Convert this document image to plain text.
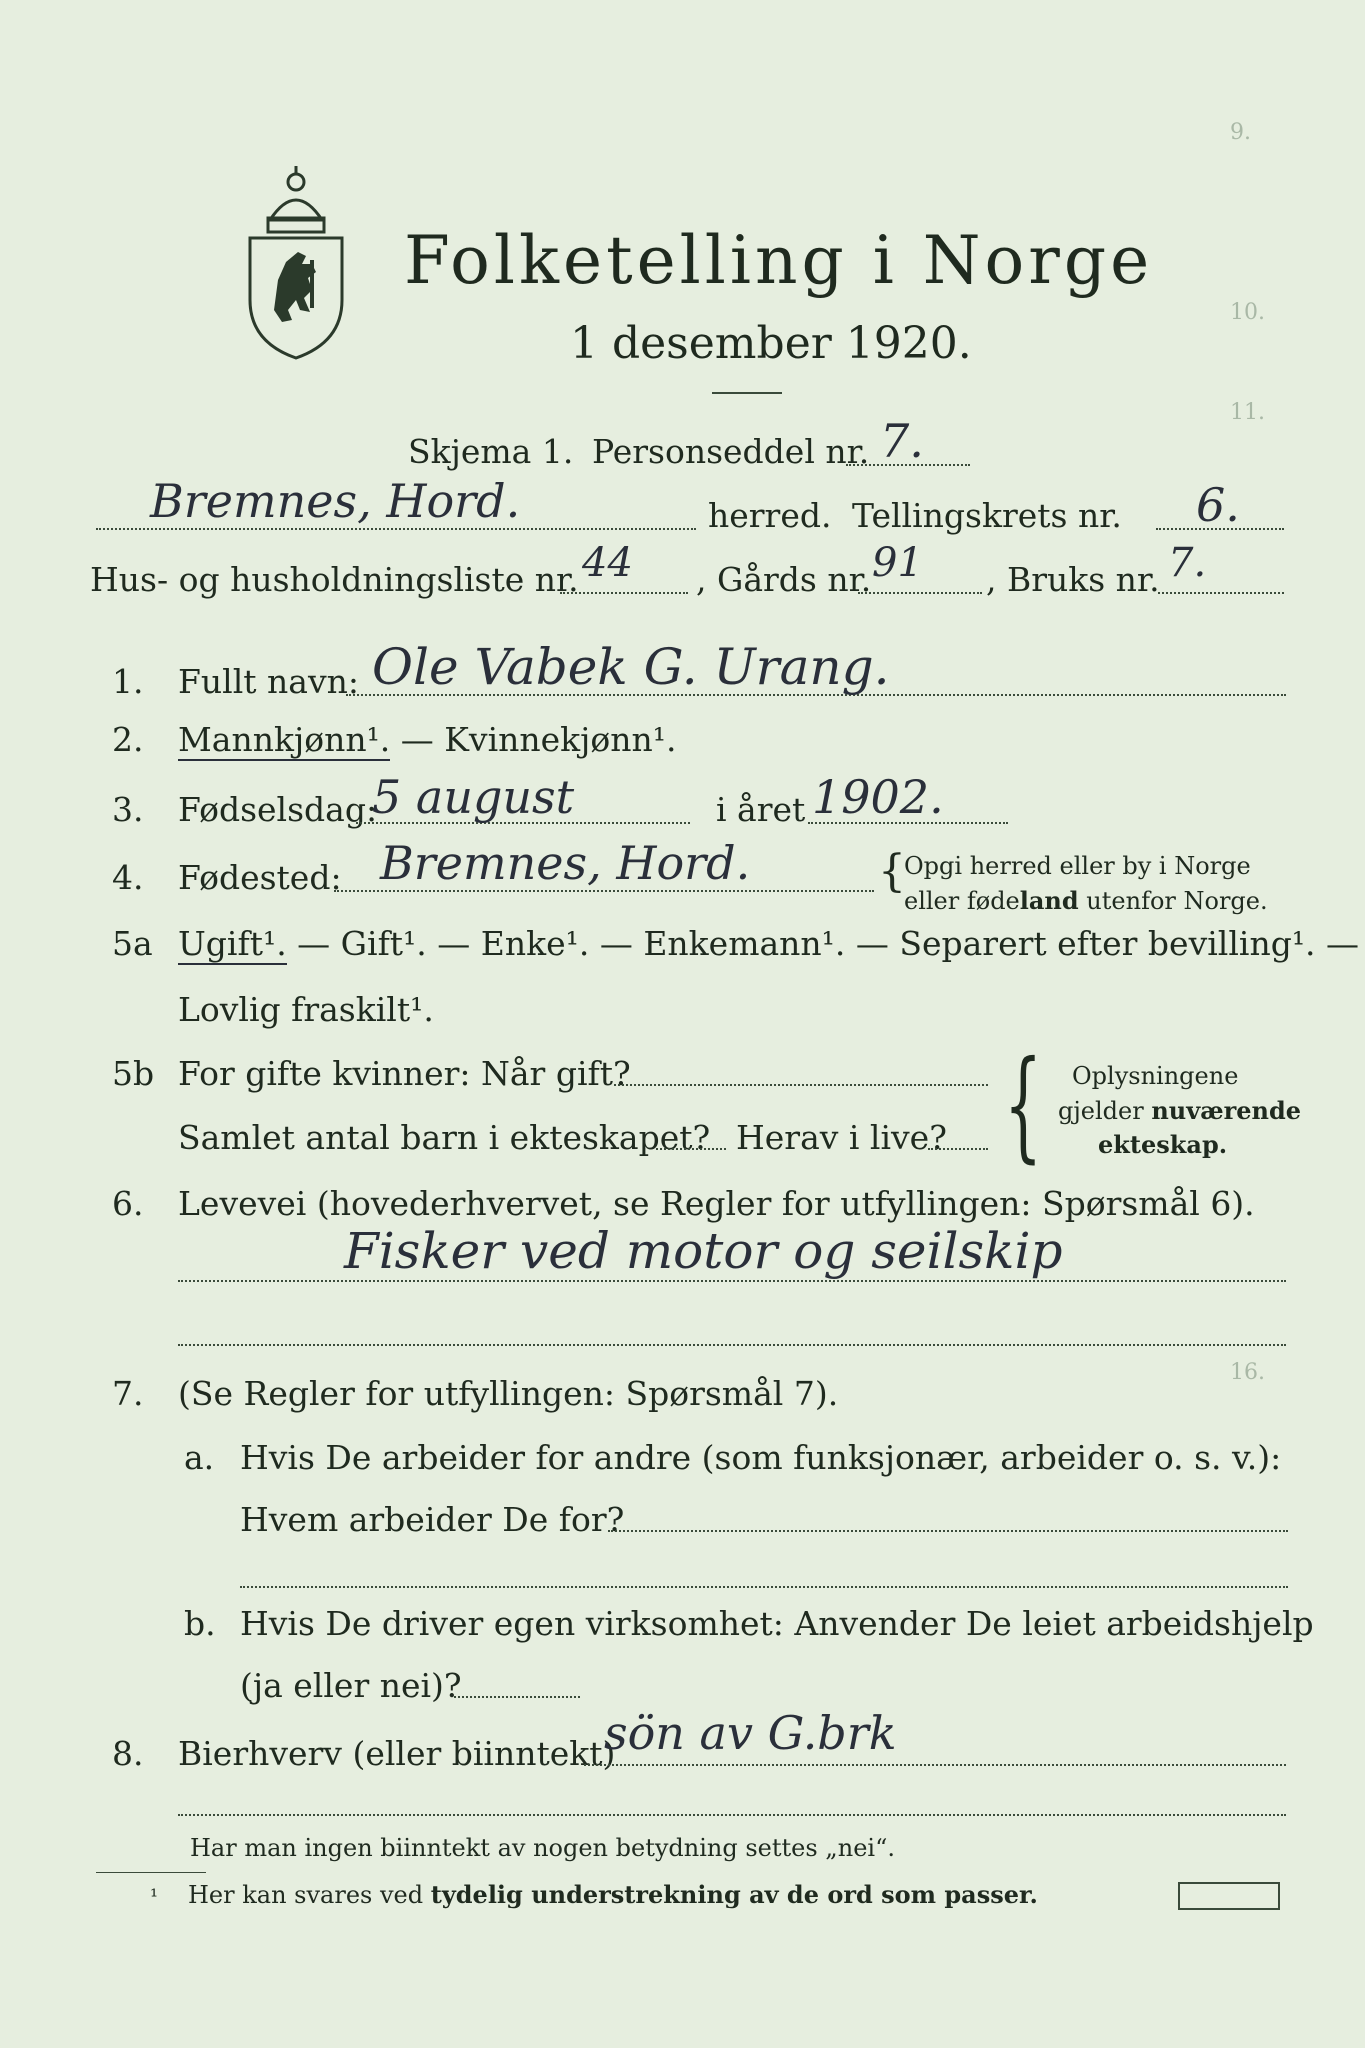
9.
10.
11.
16.
Folketelling i Norge
1 desember 1920.
Skjema 1. Personseddel nr. 7.
Bremnes, Hord.	herred. Tellingskrets nr. 6.
Hus- og husholdningsliste nr. 44 , Gårds nr. 91 , Bruks nr. 7.
1. Fullt navn: Ole Vabek G. Urang.
2. Mannkjønn¹. — Kvinnekjønn¹.
3. Fødselsdag:
5 august	i året 1902.
4. Fødested: Bremnes, Hord.	{
Opgi herred eller by i Norge
eller fødeland utenfor Norge.
5a Ugift¹. — Gift¹. — Enke¹. — Enkemann¹. — Separert efter bevilling¹. —
Lovlig fraskilt¹.
5b For gifte kvinner: Når gift?
Samlet antal barn i ekteskapet? Herav i live? { Oplysningene
gjelder nuværende
ekteskap.
6. Levevei (hovederhvervet, se Regler for utfyllingen: Spørsmål 6).
Fisker ved motor og seilskip
7. (Se Regler for utfyllingen: Spørsmål 7).
a. Hvis De arbeider for andre (som funksjonær, arbeider o. s. v.):
Hvem arbeider De for?
b. Hvis De driver egen virksomhet: Anvender De leiet arbeidshjelp
(ja eller nei)?
8. Bierhverv (eller biinntekt)
sön av G.brk
Har man ingen biinntekt av nogen betydning settes „nei“.
¹ Her kan svares ved tydelig understrekning av de ord som passer.
